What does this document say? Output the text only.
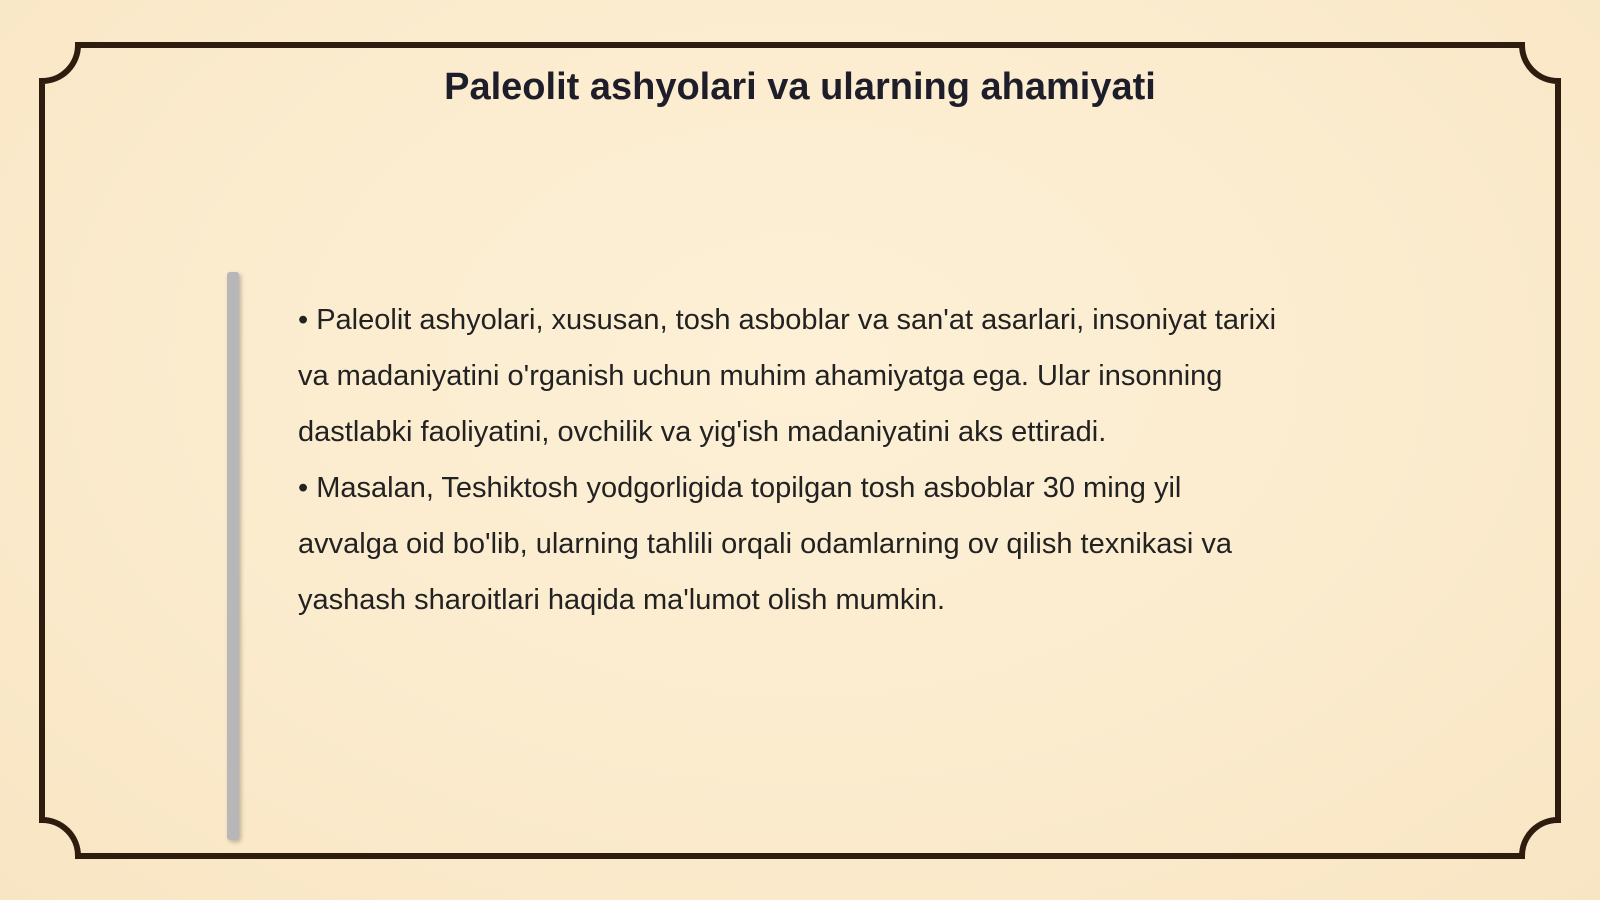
Paleolit ashyolari va ularning ahamiyati

• Paleolit ashyolari, xususan, tosh asboblar va san'at asarlari, insoniyat tarixi va madaniyatini o'rganish uchun muhim ahamiyatga ega. Ular insonning dastlabki faoliyatini, ovchilik va yig'ish madaniyatini aks ettiradi.

• Masalan, Teshiktosh yodgorligida topilgan tosh asboblar 30 ming yil avvalga oid bo'lib, ularning tahlili orqali odamlarning ov qilish texnikasi va yashash sharoitlari haqida ma'lumot olish mumkin.
